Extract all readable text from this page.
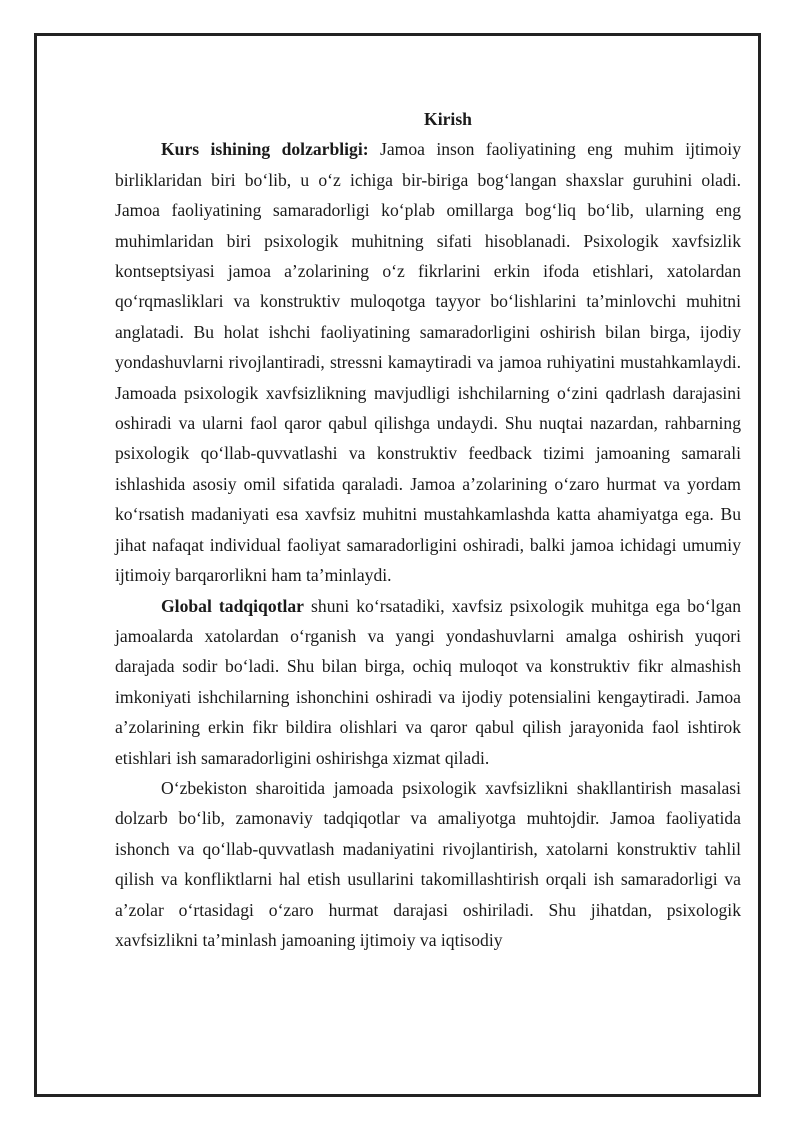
Kirish

Kurs ishining dolzarbligi: Jamoa inson faoliyatining eng muhim ijtimoiy birliklaridan biri bo‘lib, u o‘z ichiga bir-biriga bog‘langan shaxslar guruhini oladi. Jamoa faoliyatining samaradorligi ko‘plab omillarga bog‘liq bo‘lib, ularning eng muhimlaridan biri psixologik muhitning sifati hisoblanadi. Psixologik xavfsizlik kontseptsiyasi jamoa a’zolarining o‘z fikrlarini erkin ifoda etishlari, xatolardan qo‘rqmasliklari va konstruktiv muloqotga tayyor bo‘lishlarini ta’minlovchi muhitni anglatadi. Bu holat ishchi faoliyatining samaradorligini oshirish bilan birga, ijodiy yondashuvlarni rivojlantiradi, stressni kamaytiradi va jamoa ruhiyatini mustahkamlaydi. Jamoada psixologik xavfsizlikning mavjudligi ishchilarning o‘zini qadrlash darajasini oshiradi va ularni faol qaror qabul qilishga undaydi. Shu nuqtai nazardan, rahbarning psixologik qo‘llab-quvvatlashi va konstruktiv feedback tizimi jamoaning samarali ishlashida asosiy omil sifatida qaraladi. Jamoa a’zolarining o‘zaro hurmat va yordam ko‘rsatish madaniyati esa xavfsiz muhitni mustahkamlashda katta ahamiyatga ega. Bu jihat nafaqat individual faoliyat samaradorligini oshiradi, balki jamoa ichidagi umumiy ijtimoiy barqarorlikni ham ta’minlaydi.

Global tadqiqotlar shuni ko‘rsatadiki, xavfsiz psixologik muhitga ega bo‘lgan jamoalarda xatolardan o‘rganish va yangi yondashuvlarni amalga oshirish yuqori darajada sodir bo‘ladi. Shu bilan birga, ochiq muloqot va konstruktiv fikr almashish imkoniyati ishchilarning ishonchini oshiradi va ijodiy potensialini kengaytiradi. Jamoa a’zolarining erkin fikr bildira olishlari va qaror qabul qilish jarayonida faol ishtirok etishlari ish samaradorligini oshirishga xizmat qiladi.

O‘zbekiston sharoitida jamoada psixologik xavfsizlikni shakllantirish masalasi dolzarb bo‘lib, zamonaviy tadqiqotlar va amaliyotga muhtojdir. Jamoa faoliyatida ishonch va qo‘llab-quvvatlash madaniyatini rivojlantirish, xatolarni konstruktiv tahlil qilish va konfliktlarni hal etish usullarini takomillashtirish orqali ish samaradorligi va a’zolar o‘rtasidagi o‘zaro hurmat darajasi oshiriladi. Shu jihatdan, psixologik xavfsizlikni ta’minlash jamoaning ijtimoiy va iqtisodiy
